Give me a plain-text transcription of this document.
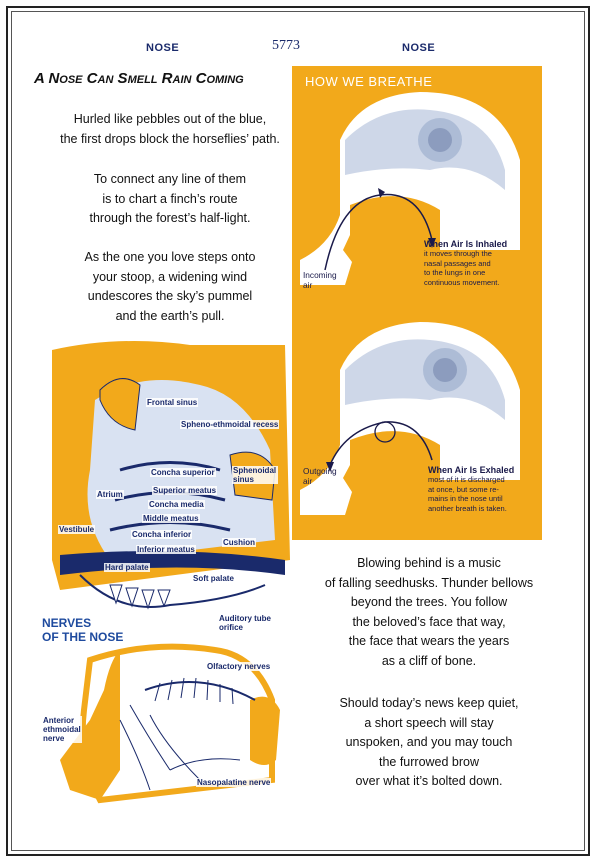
NOSE	5773	NOSE
A Nose Can Smell Rain Coming

Hurled like pebbles out of the blue,

the first drops block the horseflies’ path.

To connect any line of them

is to chart a finch’s route

through the forest’s half-light.

As the one you love steps onto

your stoop, a widening wind

undescores the sky’s pummel

and the earth’s pull.

HOW WE BREATHE
Incoming
air
When Air Is Inhaled
it moves through the
nasal passages and
to the lungs in one
continuous movement.
Outgoing
air
When Air Is Exhaled
most of it is discharged
at once, but some re-
mains in the nose until
another breath is taken.
Frontal sinus
Spheno-ethmoidal recess
Sphenoidal sinus
Concha superior
Superior meatus
Atrium
Concha media
Middle meatus
Vestibule
Concha inferior
Inferior meatus
Cushion
Hard palate
Soft palate
Auditory tube
orifice
NERVES
OF THE NOSE
Olfactory nerves
Anterior
ethmoidal
nerve
Nasopalatine nerve

Blowing behind is a music

of falling seedhusks. Thunder bellows

beyond the trees. You follow

the beloved’s face that way,

the face that wears the years

as a cliff of bone.

Should today’s news keep quiet,

a short speech will stay

unspoken, and you may touch

the furrowed brow

over what it’s bolted down.
